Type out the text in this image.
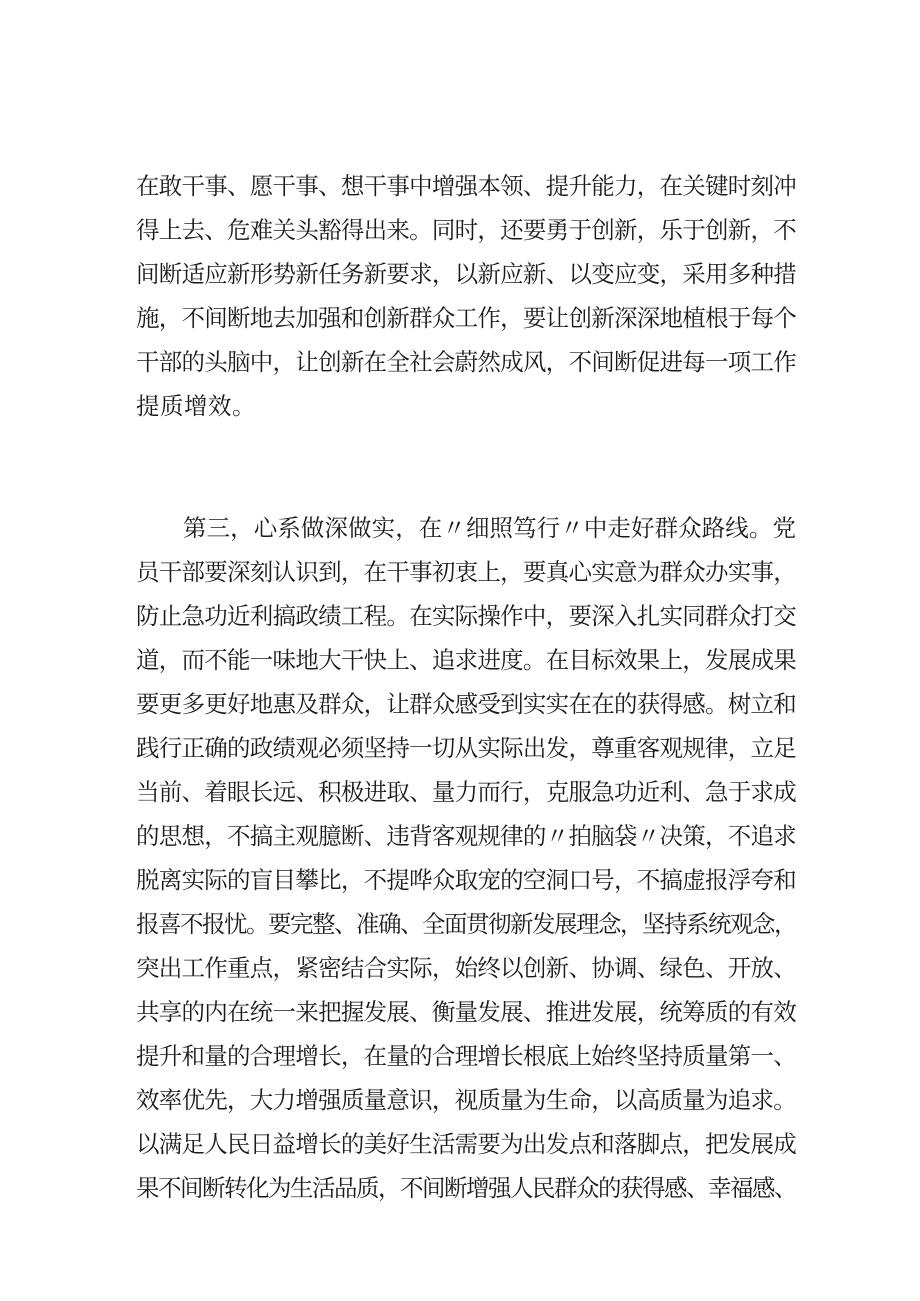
在敢干事、愿干事、想干事中增强本领、提升能力，在关键时刻冲
得上去、危难关头豁得出来。同时，还要勇于创新，乐于创新，不
间断适应新形势新任务新要求，以新应新、以变应变，采用多种措
施，不间断地去加强和创新群众工作，要让创新深深地植根于每个
干部的头脑中，让创新在全社会蔚然成风，不间断促进每一项工作
提质增效。
第三，心系做深做实，在〃细照笃行〃中走好群众路线。党
员干部要深刻认识到，在干事初衷上，要真心实意为群众办实事，
防止急功近利搞政绩工程。在实际操作中，要深入扎实同群众打交
道，而不能一味地大干快上、追求进度。在目标效果上，发展成果
要更多更好地惠及群众，让群众感受到实实在在的获得感。树立和
践行正确的政绩观必须坚持一切从实际出发，尊重客观规律，立足
当前、着眼长远、积极进取、量力而行，克服急功近利、急于求成
的思想，不搞主观臆断、违背客观规律的〃拍脑袋〃决策，不追求
脱离实际的盲目攀比，不提哗众取宠的空洞口号，不搞虚报浮夸和
报喜不报忧。要完整、准确、全面贯彻新发展理念，坚持系统观念，
突出工作重点，紧密结合实际，始终以创新、协调、绿色、开放、
共享的内在统一来把握发展、衡量发展、推进发展，统筹质的有效
提升和量的合理增长，在量的合理增长根底上始终坚持质量第一、
效率优先，大力增强质量意识，视质量为生命，以高质量为追求。
以满足人民日益增长的美好生活需要为出发点和落脚点，把发展成
果不间断转化为生活品质，不间断增强人民群众的获得感、幸福感、
